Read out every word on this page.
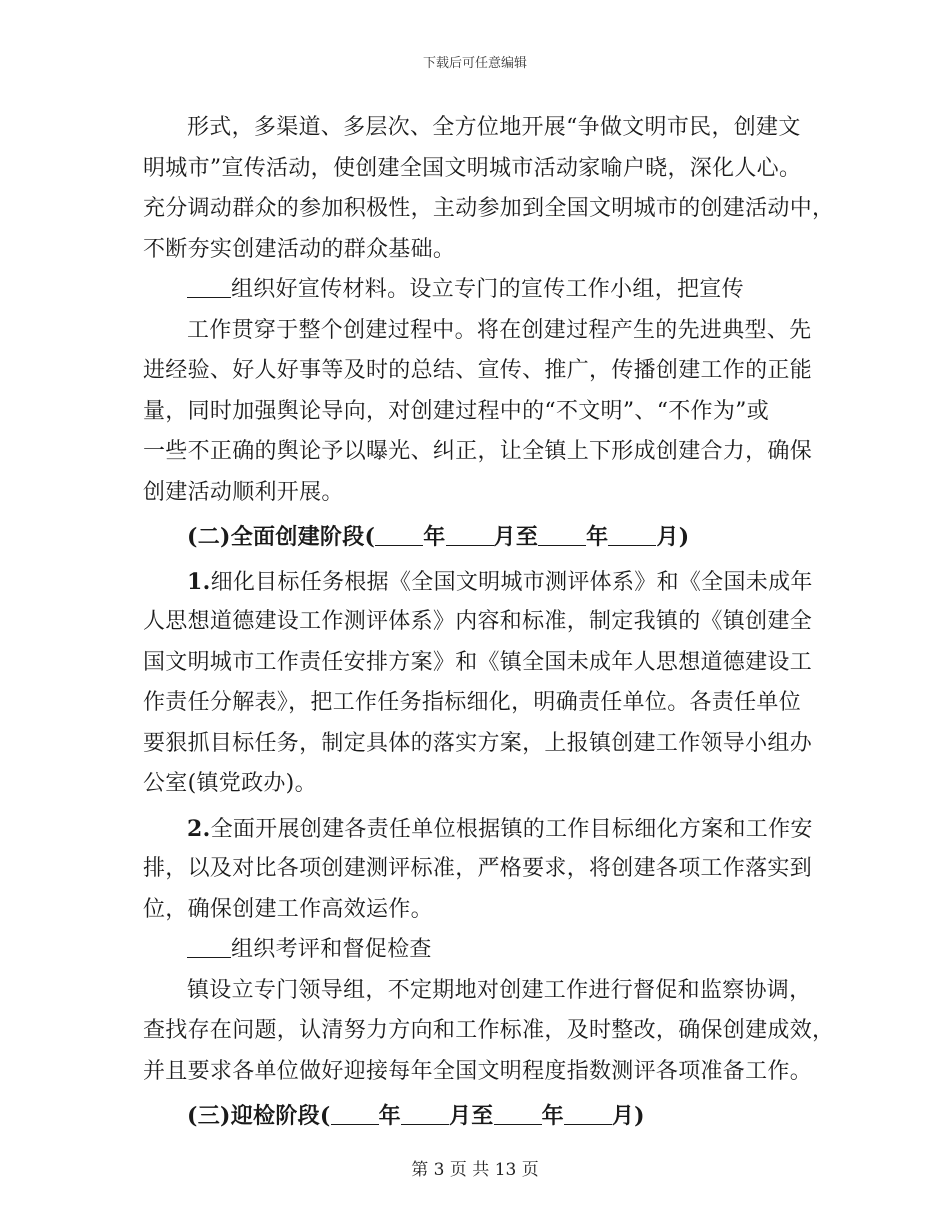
下载后可任意编辑
形式，多渠道、多层次、全方位地开展“争做文明市民，创建文
明城市”宣传活动，使创建全国文明城市活动家喻户晓，深化人心。
充分调动群众的参加积极性，主动参加到全国文明城市的创建活动中，
不断夯实创建活动的群众基础。
组织好宣传材料。设立专门的宣传工作小组，把宣传
工作贯穿于整个创建过程中。将在创建过程产生的先进典型、先
进经验、好人好事等及时的总结、宣传、推广，传播创建工作的正能
量，同时加强舆论导向，对创建过程中的“不文明”、“不作为”或
一些不正确的舆论予以曝光、纠正，让全镇上下形成创建合力，确保
创建活动顺利开展。
(二)全面创建阶段( 年 月至 年 月)
1.细化目标任务根据《全国文明城市测评体系》和《全国未成年
人思想道德建设工作测评体系》内容和标准，制定我镇的《镇创建全
国文明城市工作责任安排方案》和《镇全国未成年人思想道德建设工
作责任分解表》，把工作任务指标细化，明确责任单位。各责任单位
要狠抓目标任务，制定具体的落实方案，上报镇创建工作领导小组办
公室(镇党政办)。
2.全面开展创建各责任单位根据镇的工作目标细化方案和工作安
排，以及对比各项创建测评标准，严格要求，将创建各项工作落实到
位，确保创建工作高效运作。
组织考评和督促检查
镇设立专门领导组，不定期地对创建工作进行督促和监察协调，
查找存在问题，认清努力方向和工作标准，及时整改，确保创建成效，
并且要求各单位做好迎接每年全国文明程度指数测评各项准备工作。
(三)迎检阶段( 年 月至 年 月)
第 3 页 共 13 页
